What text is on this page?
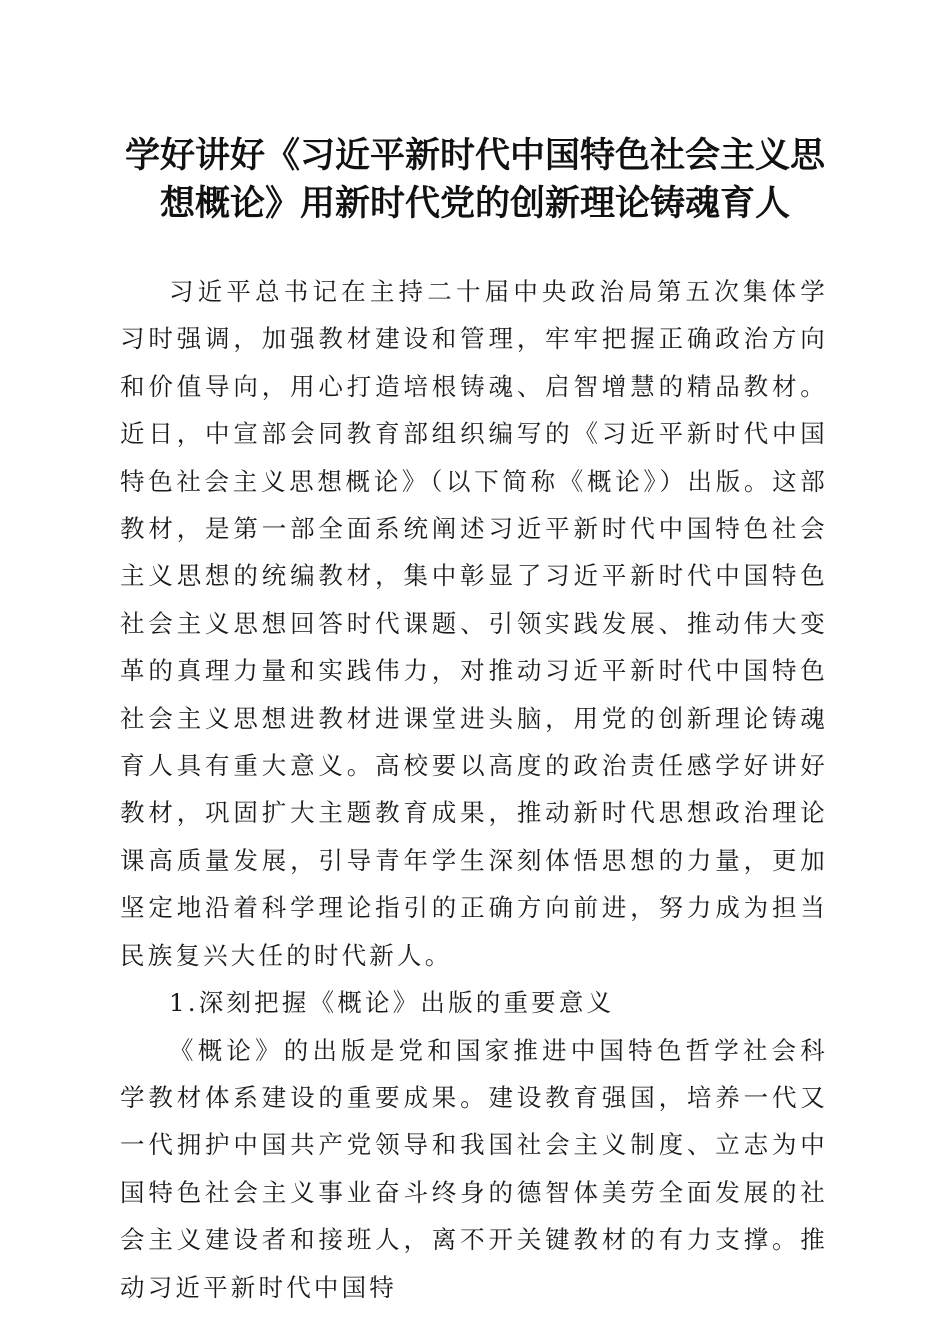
学好讲好《习近平新时代中国特色社会主义思想概论》用新时代党的创新理论铸魂育人

习近平总书记在主持二十届中央政治局第五次集体学习时强调，加强教材建设和管理，牢牢把握正确政治方向和价值导向，用心打造培根铸魂、启智增慧的精品教材。近日，中宣部会同教育部组织编写的《习近平新时代中国特色社会主义思想概论》（以下简称《概论》）出版。这部教材，是第一部全面系统阐述习近平新时代中国特色社会主义思想的统编教材，集中彰显了习近平新时代中国特色社会主义思想回答时代课题、引领实践发展、推动伟大变革的真理力量和实践伟力，对推动习近平新时代中国特色社会主义思想进教材进课堂进头脑，用党的创新理论铸魂育人具有重大意义。高校要以高度的政治责任感学好讲好教材，巩固扩大主题教育成果，推动新时代思想政治理论课高质量发展，引导青年学生深刻体悟思想的力量，更加坚定地沿着科学理论指引的正确方向前进，努力成为担当民族复兴大任的时代新人。

1.深刻把握《概论》出版的重要意义

《概论》的出版是党和国家推进中国特色哲学社会科学教材体系建设的重要成果。建设教育强国，培养一代又一代拥护中国共产党领导和我国社会主义制度、立志为中国特色社会主义事业奋斗终身的德智体美劳全面发展的社会主义建设者和接班人，离不开关键教材的有力支撑。推动习近平新时代中国特
